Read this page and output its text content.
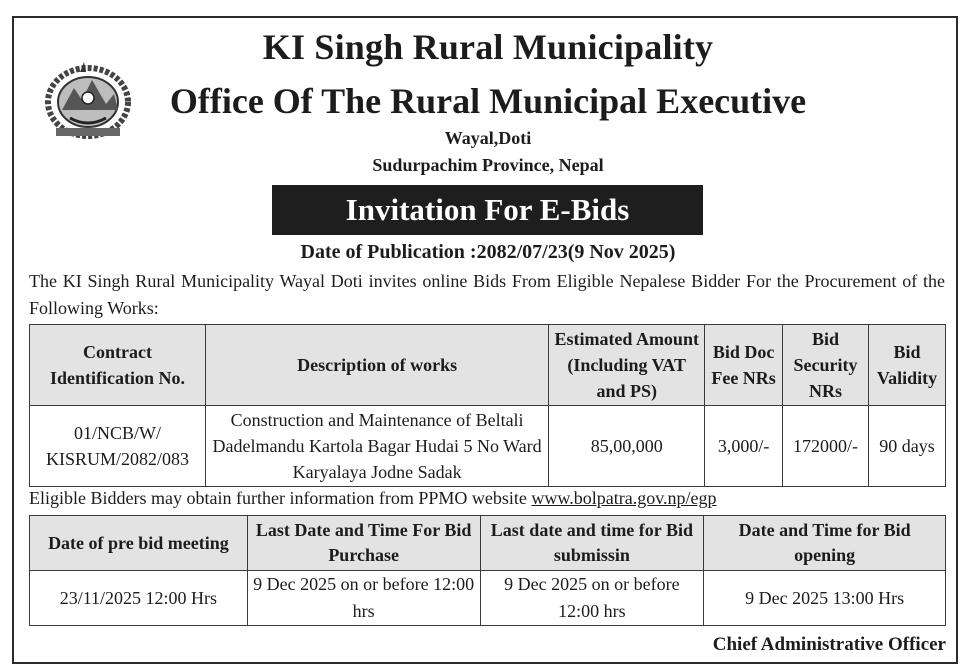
KI Singh Rural Municipality
Office Of The Rural Municipal Executive
Wayal,Doti
Sudurpachim Province, Nepal
Invitation For E-Bids
Date of Publication :2082/07/23(9 Nov 2025)
The KI Singh Rural Municipality Wayal Doti invites online Bids From Eligible Nepalese Bidder For the Procurement of the Following Works:
Contract Identification No.	Description of works	Estimated Amount (Including VAT and PS)	Bid Doc Fee NRs	Bid Security NRs	Bid Validity
01/NCB/W/ KISRUM/2082/083	Construction and Maintenance of Beltali Dadelmandu Kartola Bagar Hudai 5 No Ward Karyalaya Jodne Sadak	85,00,000	3,000/-	172000/-	90 days
Eligible Bidders may obtain further information from PPMO website www.bolpatra.gov.np/egp
Date of pre bid meeting	Last Date and Time For Bid Purchase	Last date and time for Bid submissin	Date and Time for Bid opening
23/11/2025 12:00 Hrs	9 Dec 2025 on or before 12:00 hrs	9 Dec 2025 on or before 12:00 hrs	9 Dec 2025 13:00 Hrs
Chief Administrative Officer
